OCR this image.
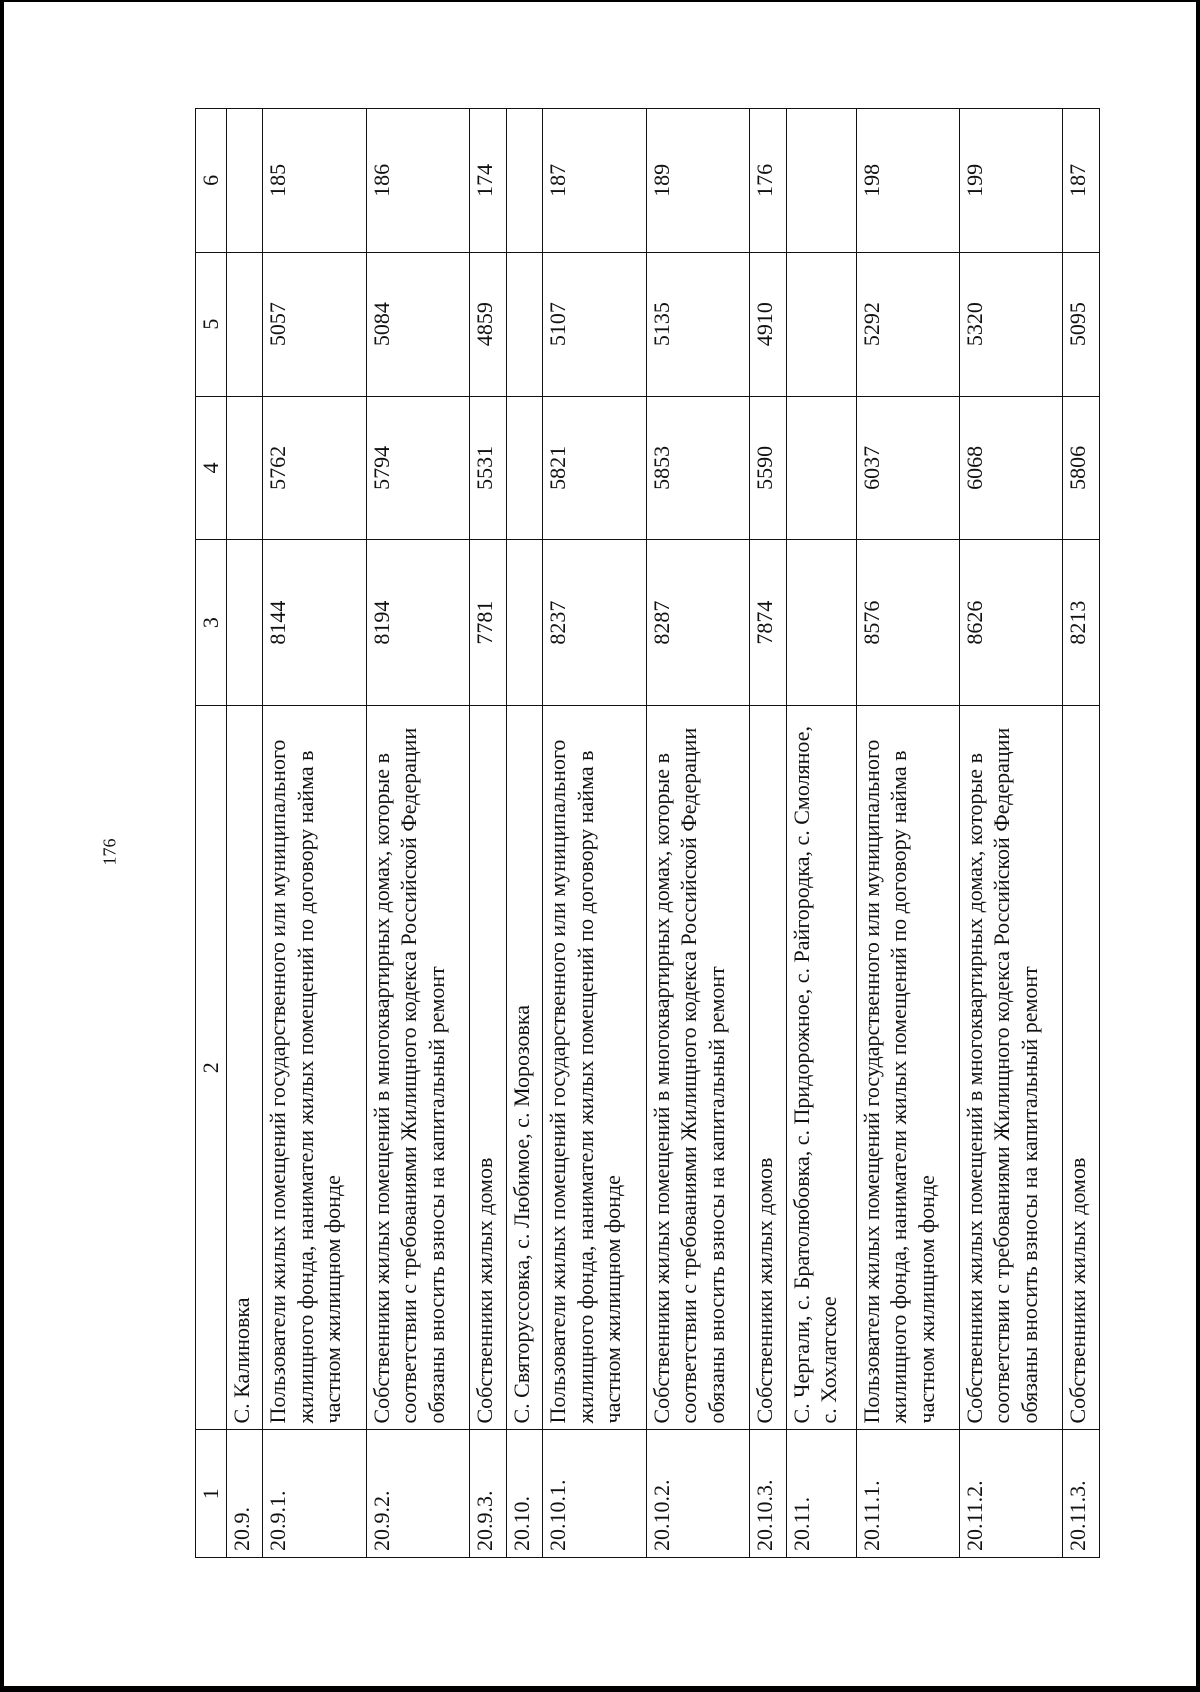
176
1	2	3	4	5	6
20.9.	С. Калиновка				
20.9.1.	Пользователи жилых помещений государственного или муниципального жилищного фонда, наниматели жилых помещений по договору найма в частном жилищном фонде	8144	5762	5057	185
20.9.2.	Собственники жилых помещений в многоквартирных домах, которые в соответствии с требованиями Жилищного кодекса Российской Федерации обязаны вносить взносы на капитальный ремонт	8194	5794	5084	186
20.9.3.	Собственники жилых домов	7781	5531	4859	174
20.10.	С. Святоруссовка, с. Любимое, с. Морозовка				
20.10.1.	Пользователи жилых помещений государственного или муниципального жилищного фонда, наниматели жилых помещений по договору найма в частном жилищном фонде	8237	5821	5107	187
20.10.2.	Собственники жилых помещений в многоквартирных домах, которые в соответствии с требованиями Жилищного кодекса Российской Федерации обязаны вносить взносы на капитальный ремонт	8287	5853	5135	189
20.10.3.	Собственники жилых домов	7874	5590	4910	176
20.11.	С. Чергали, с. Братолюбовка, с. Придорожное, с. Райгородка, с. Смоляное, с. Хохлатское				
20.11.1.	Пользователи жилых помещений государственного или муниципального жилищного фонда, наниматели жилых помещений по договору найма в частном жилищном фонде	8576	6037	5292	198
20.11.2.	Собственники жилых помещений в многоквартирных домах, которые в соответствии с требованиями Жилищного кодекса Российской Федерации обязаны вносить взносы на капитальный ремонт	8626	6068	5320	199
20.11.3.	Собственники жилых домов	8213	5806	5095	187
